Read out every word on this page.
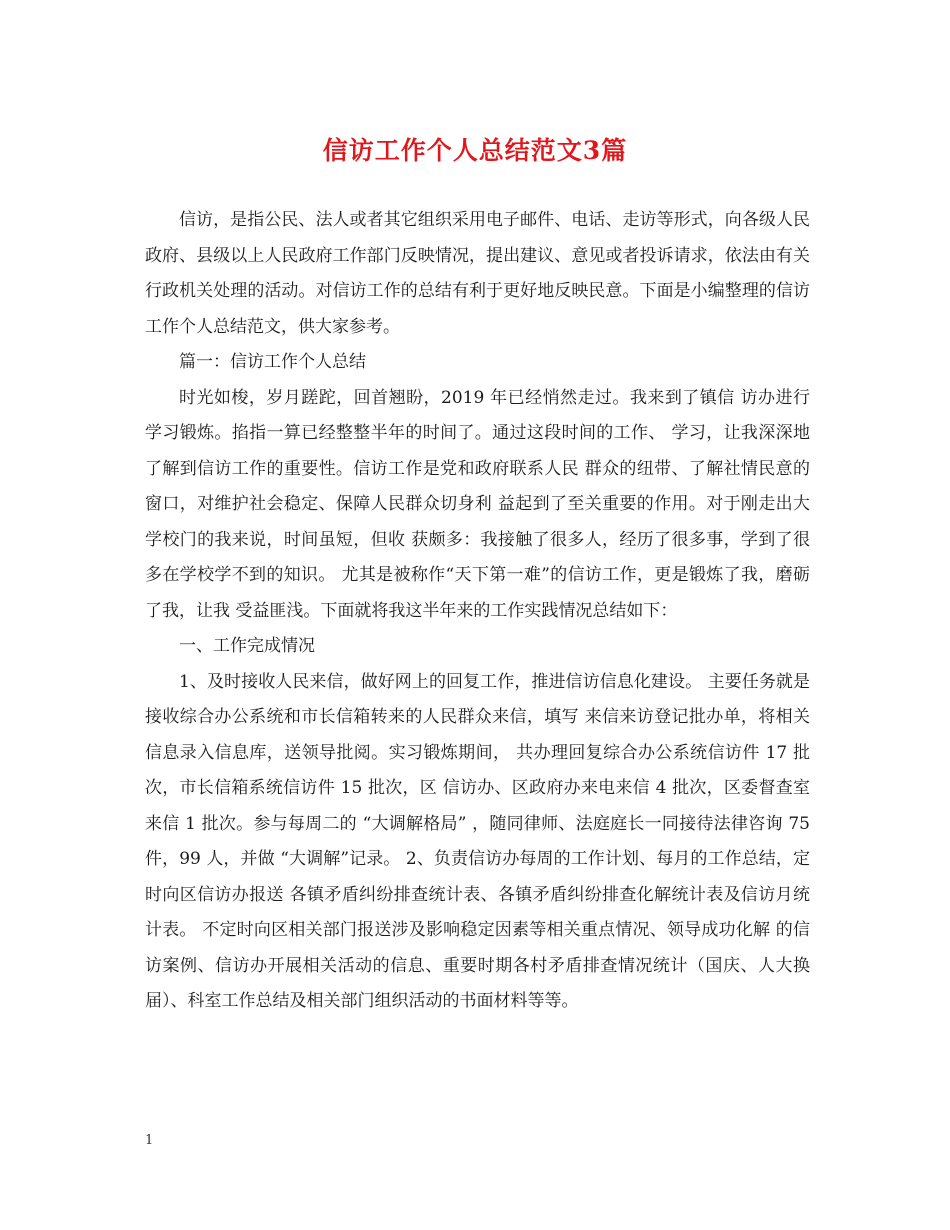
信访工作个人总结范文3篇

信访，是指公民、法人或者其它组织采用电子邮件、电话、走访等形式，向各级人民政府、县级以上人民政府工作部门反映情况，提出建议、意见或者投诉请求，依法由有关行政机关处理的活动。对信访工作的总结有利于更好地反映民意。下面是小编整理的信访工作个人总结范文，供大家参考。

篇一：信访工作个人总结

时光如梭，岁月蹉跎，回首翘盼，2019 年已经悄然走过。我来到了镇信 访办进行学习锻炼。掐指一算已经整整半年的时间了。通过这段时间的工作、 学习，让我深深地了解到信访工作的重要性。信访工作是党和政府联系人民 群众的纽带、了解社情民意的窗口，对维护社会稳定、保障人民群众切身利 益起到了至关重要的作用。对于刚走出大学校门的我来说，时间虽短，但收 获颇多：我接触了很多人，经历了很多事，学到了很多在学校学不到的知识。 尤其是被称作“天下第一难”的信访工作，更是锻炼了我，磨砺了我，让我 受益匪浅。下面就将我这半年来的工作实践情况总结如下：

一、工作完成情况

1、及时接收人民来信，做好网上的回复工作，推进信访信息化建设。 主要任务就是接收综合办公系统和市长信箱转来的人民群众来信，填写 来信来访登记批办单，将相关信息录入信息库，送领导批阅。实习锻炼期间， 共办理回复综合办公系统信访件 17 批次，市长信箱系统信访件 15 批次，区 信访办、区政府办来电来信 4 批次，区委督查室来信 1 批次。参与每周二的 “大调解格局” ，随同律师、法庭庭长一同接待法律咨询 75 件，99 人，并做 “大调解”记录。 2、负责信访办每周的工作计划、每月的工作总结，定时向区信访办报送 各镇矛盾纠纷排查统计表、各镇矛盾纠纷排查化解统计表及信访月统计表。 不定时向区相关部门报送涉及影响稳定因素等相关重点情况、领导成功化解 的信访案例、信访办开展相关活动的信息、重要时期各村矛盾排查情况统计（国庆、人大换届）、科室工作总结及相关部门组织活动的书面材料等等。

1
